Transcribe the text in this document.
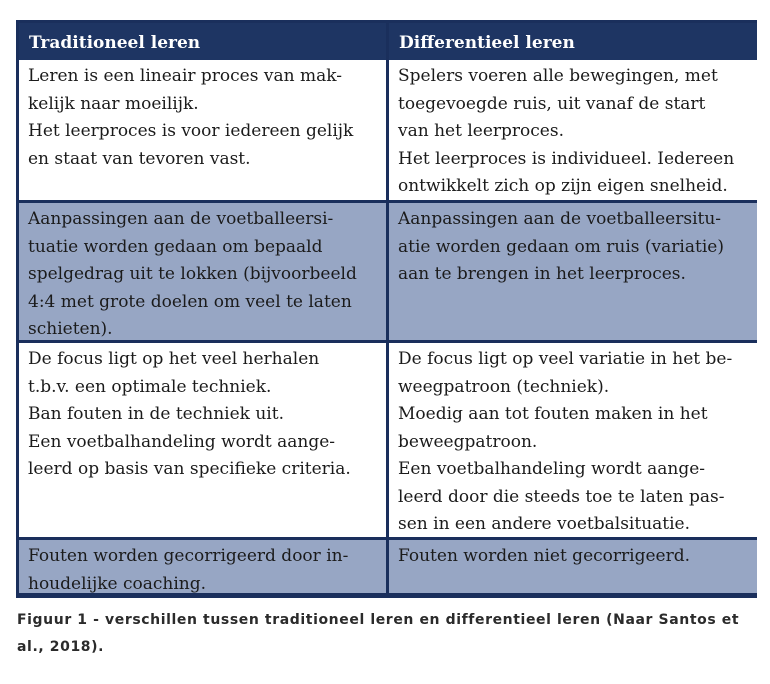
Traditioneel leren	Differentieel leren
Leren is een lineair proces van mak-
kelijk naar moeilijk.
Het leerproces is voor iedereen gelijk
en staat van tevoren vast.
Spelers voeren alle bewegingen, met
toegevoegde ruis, uit vanaf de start
van het leerproces.
Het leerproces is individueel. Iedereen
ontwikkelt zich op zijn eigen snelheid.
Aanpassingen aan de voetballeersi-
tuatie worden gedaan om bepaald
spelgedrag uit te lokken (bijvoorbeeld
4:4 met grote doelen om veel te laten
schieten).
Aanpassingen aan de voetballeersitu-
atie worden gedaan om ruis (variatie)
aan te brengen in het leerproces.
De focus ligt op het veel herhalen
t.b.v. een optimale techniek.
Ban fouten in de techniek uit.
Een voetbalhandeling wordt aange-
leerd op basis van specifieke criteria.
De focus ligt op veel variatie in het be-
weegpatroon (techniek).
Moedig aan tot fouten maken in het
beweegpatroon.
Een voetbalhandeling wordt aange-
leerd door die steeds toe te laten pas-
sen in een andere voetbalsituatie.
Fouten worden gecorrigeerd door in-
houdelijke coaching.
Fouten worden niet gecorrigeerd.
Figuur 1 - verschillen tussen traditioneel leren en differentieel leren (Naar Santos et
al., 2018).
